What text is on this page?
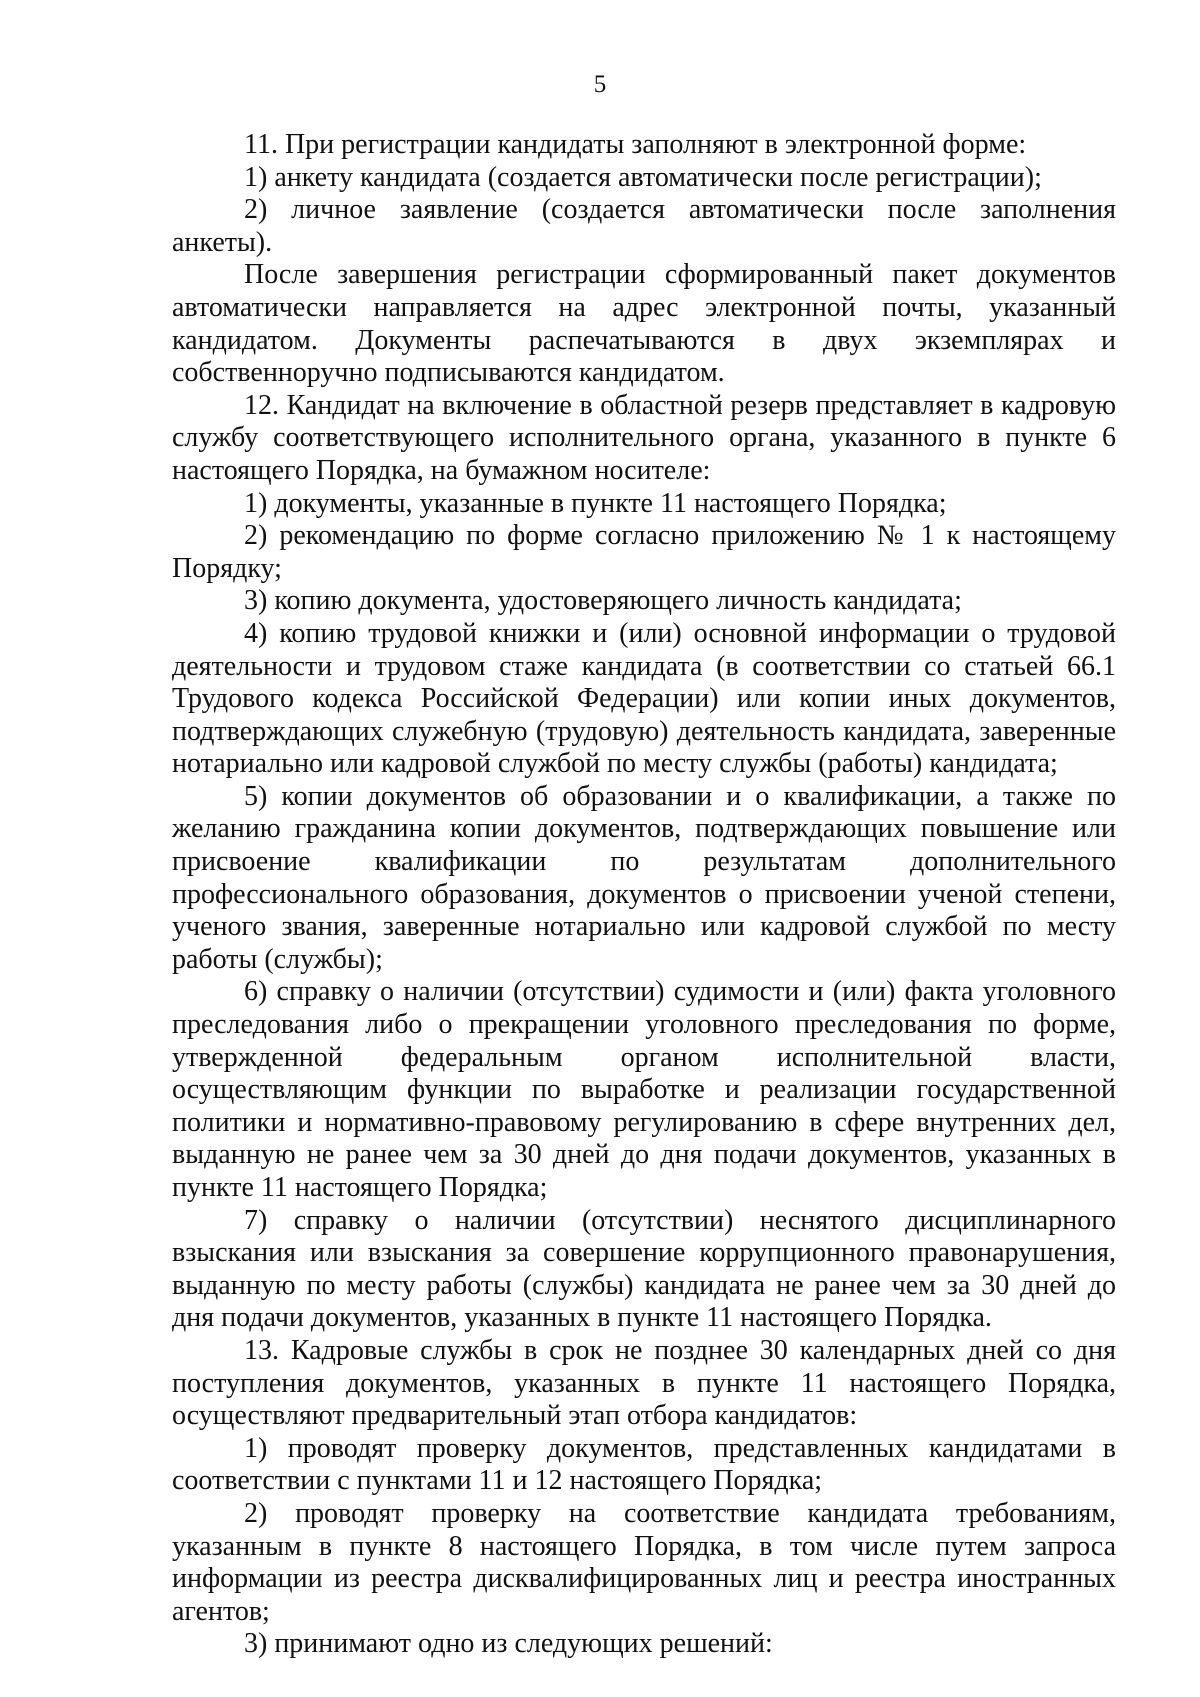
5

11. При регистрации кандидаты заполняют в электронной форме:

1) анкету кандидата (создается автоматически после регистрации);

2) личное заявление (создается автоматически после заполнения анкеты).

После завершения регистрации сформированный пакет документов автоматически направляется на адрес электронной почты, указанный кандидатом. Документы распечатываются в двух экземплярах и собственноручно подписываются кандидатом.

12. Кандидат на включение в областной резерв представляет в кадровую службу соответствующего исполнительного органа, указанного в пункте 6 настоящего Порядка, на бумажном носителе:

1) документы, указанные в пункте 11 настоящего Порядка;

2) рекомендацию по форме согласно приложению № 1 к настоящему Порядку;

3) копию документа, удостоверяющего личность кандидата;

4) копию трудовой книжки и (или) основной информации о трудовой деятельности и трудовом стаже кандидата (в соответствии со статьей 66.1 Трудового кодекса Российской Федерации) или копии иных документов, подтверждающих служебную (трудовую) деятельность кандидата, заверенные нотариально или кадровой службой по месту службы (работы) кандидата;

5) копии документов об образовании и о квалификации, а также по желанию гражданина копии документов, подтверждающих повышение или присвоение квалификации по результатам дополнительного профессионального образования, документов о присвоении ученой степени, ученого звания, заверенные нотариально или кадровой службой по месту работы (службы);

6) справку о наличии (отсутствии) судимости и (или) факта уголовного преследования либо о прекращении уголовного преследования по форме, утвержденной федеральным органом исполнительной власти, осуществляющим функции по выработке и реализации государственной политики и нормативно-правовому регулированию в сфере внутренних дел, выданную не ранее чем за 30 дней до дня подачи документов, указанных в пункте 11 настоящего Порядка;

7) справку о наличии (отсутствии) неснятого дисциплинарного взыскания или взыскания за совершение коррупционного правонарушения, выданную по месту работы (службы) кандидата не ранее чем за 30 дней до дня подачи документов, указанных в пункте 11 настоящего Порядка.

13. Кадровые службы в срок не позднее 30 календарных дней со дня поступления документов, указанных в пункте 11 настоящего Порядка, осуществляют предварительный этап отбора кандидатов:

1) проводят проверку документов, представленных кандидатами в соответствии с пунктами 11 и 12 настоящего Порядка;

2) проводят проверку на соответствие кандидата требованиям, указанным в пункте 8 настоящего Порядка, в том числе путем запроса информации из реестра дисквалифицированных лиц и реестра иностранных агентов;

3) принимают одно из следующих решений:
